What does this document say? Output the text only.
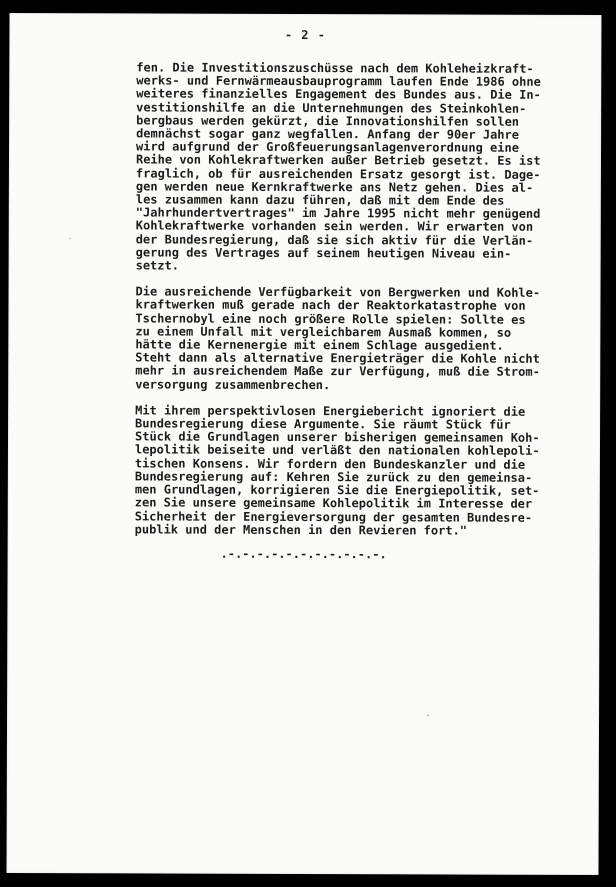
- 2 -

fen. Die Investitionszuschüsse nach dem Kohleheizkraft-
werks- und Fernwärmeausbauprogramm laufen Ende 1986 ohne
weiteres finanzielles Engagement des Bundes aus. Die In-
vestitionshilfe an die Unternehmungen des Steinkohlen-
bergbaus werden gekürzt, die Innovationshilfen sollen
demnächst sogar ganz wegfallen. Anfang der 90er Jahre
wird aufgrund der Großfeuerungsanlagenverordnung eine
Reihe von Kohlekraftwerken außer Betrieb gesetzt. Es ist
fraglich, ob für ausreichenden Ersatz gesorgt ist. Dage-
gen werden neue Kernkraftwerke ans Netz gehen. Dies al-
les zusammen kann dazu führen, daß mit dem Ende des
"Jahrhundertvertrages" im Jahre 1995 nicht mehr genügend
Kohlekraftwerke vorhanden sein werden. Wir erwarten von
der Bundesregierung, daß sie sich aktiv für die Verlän-
gerung des Vertrages auf seinem heutigen Niveau ein-
setzt.

Die ausreichende Verfügbarkeit von Bergwerken und Kohle-
kraftwerken muß gerade nach der Reaktorkatastrophe von
Tschernobyl eine noch größere Rolle spielen: Sollte es
zu einem Unfall mit vergleichbarem Ausmaß kommen, so
hätte die Kernenergie mit einem Schlage ausgedient.
Steht dann als alternative Energieträger die Kohle nicht
mehr in ausreichendem Maße zur Verfügung, muß die Strom-
versorgung zusammenbrechen.

Mit ihrem perspektivlosen Energiebericht ignoriert die
Bundesregierung diese Argumente. Sie räumt Stück für
Stück die Grundlagen unserer bisherigen gemeinsamen Koh-
lepolitik beiseite und verläßt den nationalen kohlepoli-
tischen Konsens. Wir fordern den Bundeskanzler und die
Bundesregierung auf: Kehren Sie zurück zu den gemeinsa-
men Grundlagen, korrigieren Sie die Energiepolitik, set-
zen Sie unsere gemeinsame Kohlepolitik im Interesse der
Sicherheit der Energieversorgung der gesamten Bundesre-
publik und der Menschen in den Revieren fort."

.-.-.-.-.-.-.-.-.-.-.-.
